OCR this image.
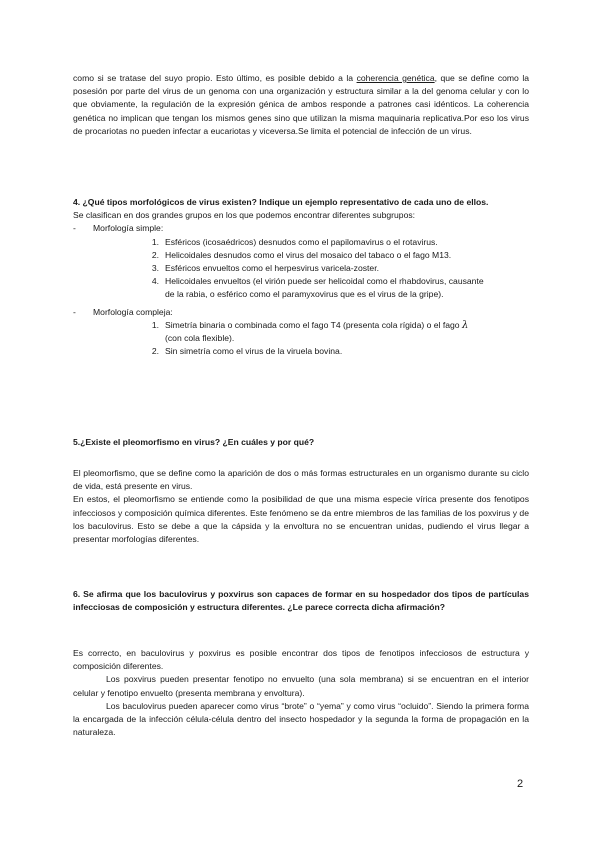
como si se tratase del suyo propio. Esto último, es posible debido a la coherencia genética, que se define como la posesión por parte del virus de un genoma con una organización y estructura similar a la del genoma celular y con lo que obviamente, la regulación de la expresión génica de ambos responde a patrones casi idénticos. La coherencia genética no implican que tengan los mismos genes sino que utilizan la misma maquinaria replicativa.Por eso los virus de procariotas no pueden infectar a eucariotas y viceversa.Se limita el potencial de infección de un virus.

4. ¿Qué tipos morfológicos de virus existen? Indique un ejemplo representativo de cada uno de ellos.

Se clasifican en dos grandes grupos en los que podemos encontrar diferentes subgrupos:

-	Morfología simple:
1. Esféricos (icosaédricos) desnudos como el papilomavirus o el rotavirus.
2. Helicoidales desnudos como el virus del mosaico del tabaco o el fago M13.
3. Esféricos envueltos como el herpesvirus varicela-zoster.
4. Helicoidales envueltos (el virión puede ser helicoidal como el rhabdovirus, causante de la rabia, o esférico como el paramyxovirus que es el virus de la gripe).
-	Morfología compleja:
1. Simetría binaria o combinada como el fago T4 (presenta cola rígida) o el fago λ
(con cola flexible).
2. Sin simetría como el virus de la viruela bovina.

5.¿Existe el pleomorfismo en virus? ¿En cuáles y por qué?

El pleomorfismo, que se define como la aparición de dos o más formas estructurales en un organismo durante su ciclo de vida, está presente en virus.

En estos, el pleomorfismo se entiende como la posibilidad de que una misma especie vírica presente dos fenotipos infecciosos y composición química diferentes. Este fenómeno se da entre miembros de las familias de los poxvirus y de los baculovirus. Esto se debe a que la cápsida y la envoltura no se encuentran unidas, pudiendo el virus llegar a presentar morfologías diferentes.

6. Se afirma que los baculovirus y poxvirus son capaces de formar en su hospedador dos tipos de partículas infecciosas de composición y estructura diferentes. ¿Le parece correcta dicha afirmación?

Es correcto, en baculovirus y poxvirus es posible encontrar dos tipos de fenotipos infecciosos de estructura y composición diferentes.

Los poxvirus pueden presentar fenotipo no envuelto (una sola membrana) si se encuentran en el interior celular y fenotipo envuelto (presenta membrana y envoltura).

Los baculovirus pueden aparecer como virus “brote” o “yema” y como virus “ocluido”. Siendo la primera forma la encargada de la infección célula-célula dentro del insecto hospedador y la segunda la forma de propagación en la naturaleza.

2
